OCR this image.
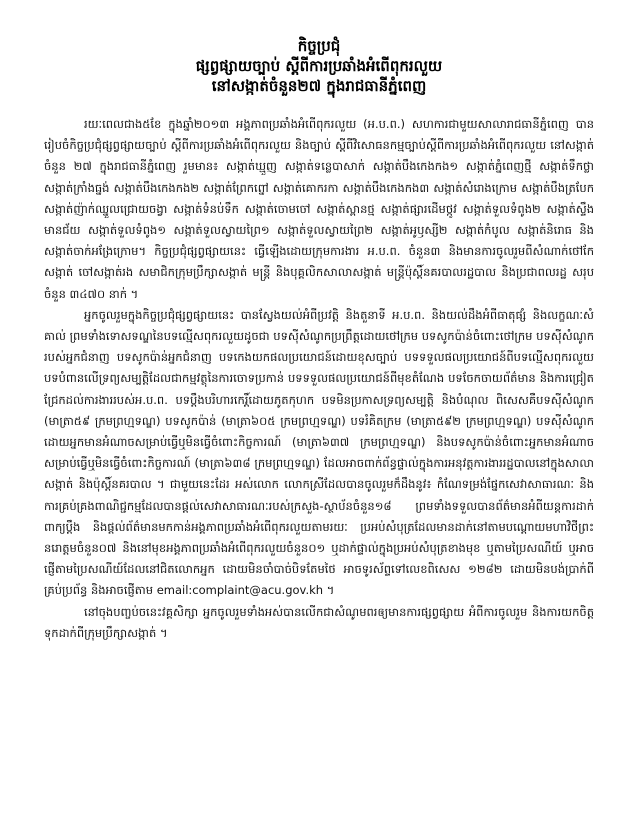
កិច្ចប្រជុំ
ផ្សព្វផ្សាយច្បាប់ ស្តីពីការប្រឆាំងអំពើពុករលួយ
នៅសង្កាត់ចំនួន២៧ ក្នុងរាជធានីភ្នំពេញ

រយៈពេលជាង៥ខែ ក្នុងឆ្នាំ២០១៣ អង្គភាពប្រឆាំងអំពើពុករលួយ (អ.ប.ព.) សហការជាមួយសាលារាជធានីភ្នំពេញ បានរៀបចំកិច្ចប្រជុំផ្សព្វផ្សាយច្បាប់ ស្តីពីការប្រឆាំងអំពើពុករលួយ និងច្បាប់ ស្តីពីវិសោធនកម្មច្បាប់ស្តីពីការប្រឆាំងអំពើពុករលួយ នៅសង្កាត់ចំនួន ២៧ ក្នុងរាជធានីភ្នំពេញ រួមមាន៖ សង្កាត់ឃ្មួញ សង្កាត់ទន្លេបាសាក់ សង្កាត់បឹងកេងកង១ សង្កាត់ភ្នំពេញថ្មី សង្កាត់ទឹកថ្លា សង្កាត់ក្រាំងធ្នង់ សង្កាត់បឹងកេងកង២ សង្កាត់ព្រែកព្នៅ សង្កាត់គោករកា សង្កាត់បឹងកេងកង៣ សង្កាត់សំរោងក្រោម សង្កាត់បឹងត្របែក សង្កាត់ញ៉ាក់ឈ្នួលជ្រោយចង្វា សង្កាត់ទំនប់ទឹក សង្កាត់ចោមចៅ សង្កាត់ស្ពានថ្ម សង្កាត់ផ្សារដើមថ្កូវ សង្កាត់ទួលទំពូង២ សង្កាត់ស្ទឹងមានជ័យ សង្កាត់ទួលទំពូង១ សង្កាត់ទួលស្វាយព្រៃ១ សង្កាត់ទួលស្វាយព្រៃ២ សង្កាត់អូឫស្សី២ សង្កាត់កំបូល សង្កាត់និរោធ និងសង្កាត់ចាក់អង្រែក្រោម។ កិច្ចប្រជុំផ្សព្វផ្សាយនេះ ធ្វើឡើងដោយក្រុមការងារ អ.ប.ព. ចំនួន៣ និងមានការចូលរួមពីសំណាក់ថៅកែសង្កាត់ ចៅសង្កាត់រង សមាជិកក្រុមប្រឹក្សាសង្កាត់ មន្ត្រី និងបុគ្គលិកសាលាសង្កាត់ មន្ត្រីប៉ុស្តិ៍នគរបាលរដ្ឋបាល និងប្រជាពលរដ្ឋ សរុបចំនួន ៣៤៧០ នាក់ ។

អ្នកចូលរួមក្នុងកិច្ចប្រជុំផ្សព្វផ្សាយនេះ បានស្វែងយល់អំពីប្រវត្តិ និងតួនាទី អ.ប.ព. និងយល់ដឹងអំពីធាតុផ្សំ និងលក្ខណៈសំគាល់ ព្រមទាំងទោសទណ្ឌនៃបទល្មើសពុករលួយដូចជា បទស៊ីសំណូកប្រព្រឹត្តដោយថៅក្រម បទសូកប៉ាន់ចំពោះថៅក្រម បទស៊ីសំណូករបស់អ្នកជំនាញ បទសូកប៉ាន់អ្នកជំនាញ បទកេងយកផលប្រយោជន៍ដោយខុសច្បាប់ បទទទួលផលប្រយោជន៍ពីបទល្មើសពុករលួយ បទបំពានលើទ្រព្យសម្បត្តិដែលជាកម្មវត្ថុនៃការចោទប្រកាន់ បទទទួលផលប្រយោជន៍ពីមុខតំណែង បទចែកចាយព័ត៌មាន និងការជ្រៀតជ្រែកដល់ការងាររបស់អ.ប.ព. បទប្ដឹងបរិហារកេរ្តិ៍ដោយភូតកុហក បទមិនប្រកាសទ្រព្យសម្បត្តិ និងបំណុល ពិសេសគឺបទស៊ីសំណូក (មាត្រា៥៩ ក្រមព្រហ្មទណ្ឌ) បទសូកប៉ាន់ (មាត្រា៦០៥ ក្រមព្រហ្មទណ្ឌ) បទរំគិតក្រម (មាត្រា៥៩២ ក្រមព្រហ្មទណ្ឌ) បទស៊ីសំណូកដោយអ្នកមានអំណាចសម្រាប់ធ្វើឬមិនធ្វើចំពោះកិច្ចការណ៍ (មាត្រា៦៣៧ ក្រមព្រហ្មទណ្ឌ) និងបទសូកប៉ាន់ចំពោះអ្នកមានអំណាចសម្រាប់ធ្វើឬមិនធ្វើចំពោះកិច្ចការណ៍ (មាត្រា៦៣៨ ក្រមព្រហ្មទណ្ឌ) ដែលអាចពាក់ព័ន្ធផ្ទាល់ក្នុងការអនុវត្តការងាររដ្ឋបាលនៅក្នុងសាលាសង្កាត់ និងប៉ុស្តិ៍នគរបាល ។ ជាមួយនេះដែរ អស់លោក លោកស្រីដែលបានចូលរួមក៏ដឹងនូវ៖ កំណែទម្រង់ផ្នែកសេវាសាធារណៈ និងការគ្រប់គ្រងពាណិជ្ជកម្មដែលបានផ្ដល់សេវាសាធារណៈរបស់ក្រសួង-ស្ថាប័នចំនួន១៨ ព្រមទាំងទទួលបានព័ត៌មានអំពីយន្តការដាក់ពាក្យប្ដឹង និងផ្ដល់ព័ត៌មានមកកាន់អង្គភាពប្រឆាំងអំពើពុករលួយតាមរយៈ ប្រអប់សំបុត្រដែលមានដាក់នៅតាមបណ្តោយមហាវិថីព្រះនរោត្តមចំនួន០៧ និងនៅមុខអង្គភាពប្រឆាំងអំពើពុករលួយចំនួន០១ ឬដាក់ផ្ទាល់ក្នុងប្រអប់សំបុត្រខាងមុខ ឬតាមប្រៃសណីយ៍ ឬអាចផ្ញើតាមប្រៃសណីយ៍ដែលនៅជិតលោកអ្នក ដោយមិនចាំបាច់បិទតែមថៃ អាចទូរស័ព្ទទៅលេខពិសេស ១២៨២ ដោយមិនបង់ប្រាក់ពីគ្រប់ប្រព័ន្ធ និងអាចផ្ញើតាម email:complaint@acu.gov.kh ។

នៅចុងបញ្ចប់ចនេះវគ្គសិក្សា អ្នកចូលរួមទាំងអស់បានលើកជាសំណូមពរឲ្យមានការផ្សព្វផ្សាយ អំពីការចូលរួម និងការយកចិត្តទុកដាក់ពីក្រុមប្រឹក្សាសង្កាត់ ។
